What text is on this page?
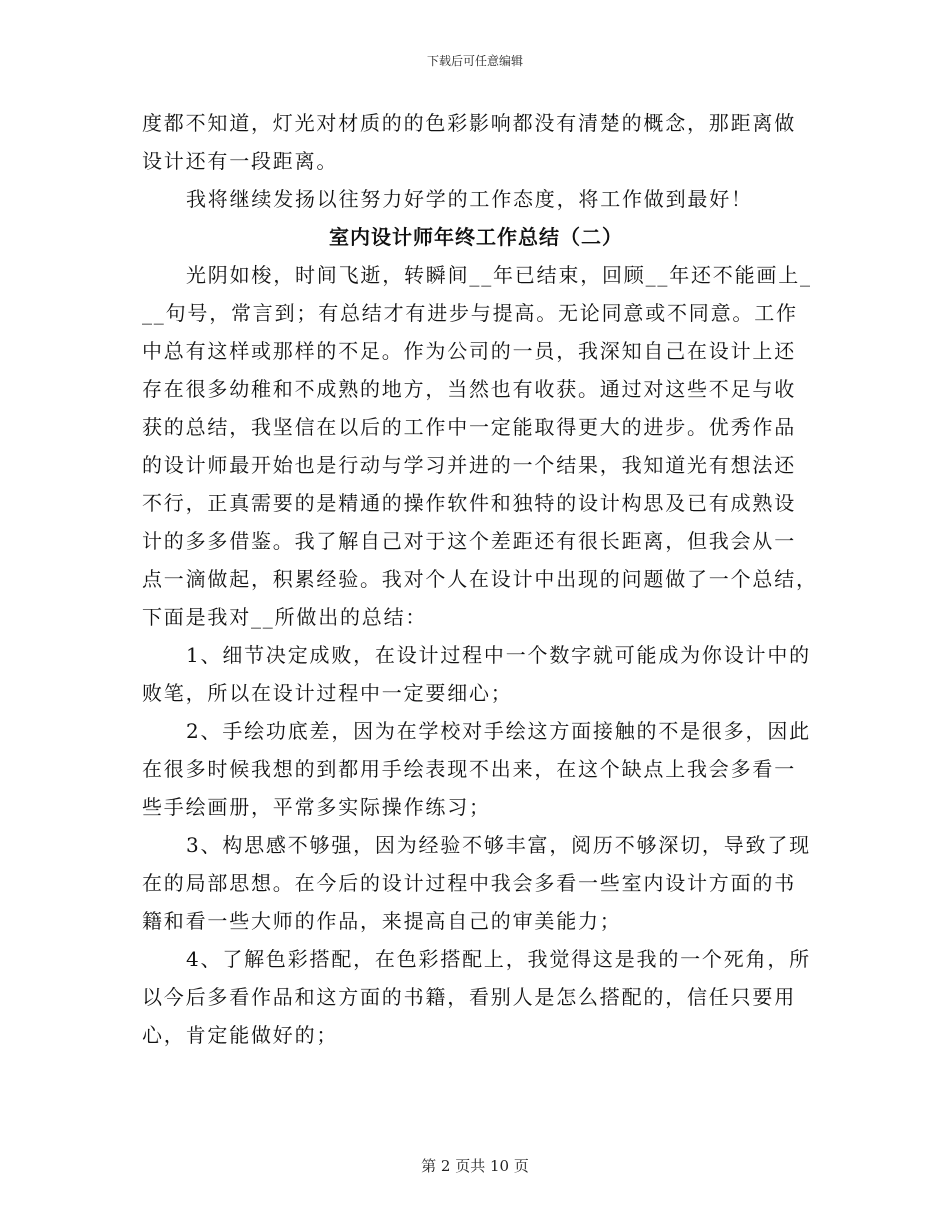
下载后可任意编辑

度都不知道，灯光对材质的的色彩影响都没有清楚的概念，那距离做

设计还有一段距离。

我将继续发扬以往努力好学的工作态度，将工作做到最好！

室内设计师年终工作总结（二）

光阴如梭，时间飞逝，转瞬间__年已结束，回顾__年还不能画上_

__句号，常言到；有总结才有进步与提高。无论同意或不同意。工作

中总有这样或那样的不足。作为公司的一员，我深知自己在设计上还

存在很多幼稚和不成熟的地方，当然也有收获。通过对这些不足与收

获的总结，我坚信在以后的工作中一定能取得更大的进步。优秀作品

的设计师最开始也是行动与学习并进的一个结果，我知道光有想法还

不行，正真需要的是精通的操作软件和独特的设计构思及已有成熟设

计的多多借鉴。我了解自己对于这个差距还有很长距离，但我会从一

点一滴做起，积累经验。我对个人在设计中出现的问题做了一个总结，

下面是我对__所做出的总结：

1、细节决定成败，在设计过程中一个数字就可能成为你设计中的

败笔，所以在设计过程中一定要细心；

2、手绘功底差，因为在学校对手绘这方面接触的不是很多，因此

在很多时候我想的到都用手绘表现不出来，在这个缺点上我会多看一

些手绘画册，平常多实际操作练习；

3、构思感不够强，因为经验不够丰富，阅历不够深切，导致了现

在的局部思想。在今后的设计过程中我会多看一些室内设计方面的书

籍和看一些大师的作品，来提高自己的审美能力；

4、了解色彩搭配，在色彩搭配上，我觉得这是我的一个死角，所

以今后多看作品和这方面的书籍，看别人是怎么搭配的，信任只要用

心，肯定能做好的；

第 2 页共 10 页
